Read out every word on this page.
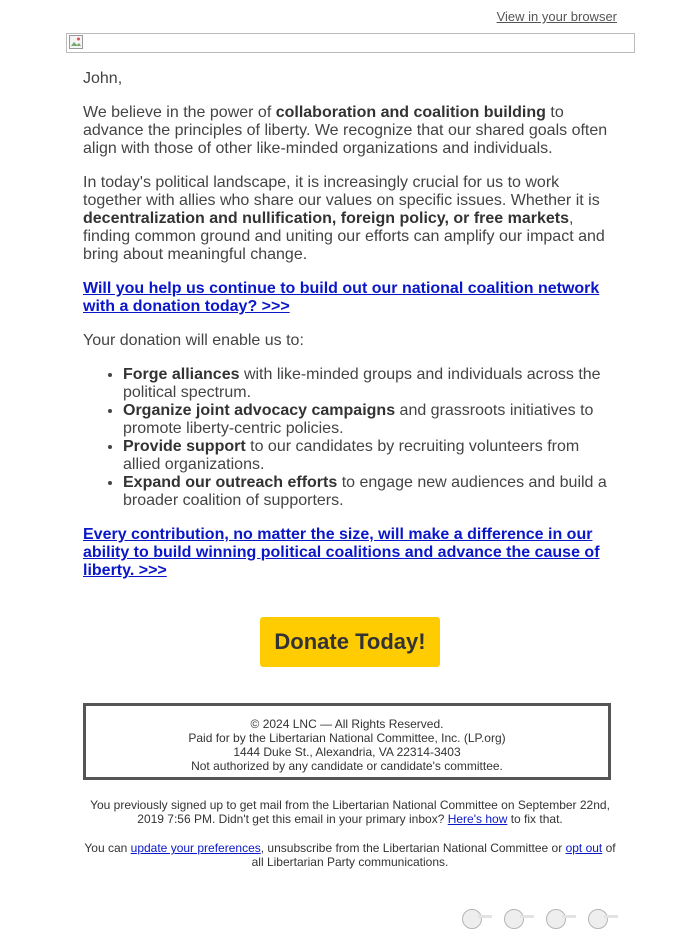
View in your browser

John,

We believe in the power of collaboration and coalition building to advance the principles of liberty. We recognize that our shared goals often align with those of other like-minded organizations and individuals.

In today's political landscape, it is increasingly crucial for us to work together with allies who share our values on specific issues. Whether it is decentralization and nullification, foreign policy, or free markets, finding common ground and uniting our efforts can amplify our impact and bring about meaningful change.

Will you help us continue to build out our national coalition network with a donation today? >>>

Your donation will enable us to:

• Forge alliances with like-minded groups and individuals across the political spectrum.
• Organize joint advocacy campaigns and grassroots initiatives to promote liberty-centric policies.
• Provide support to our candidates by recruiting volunteers from allied organizations.
• Expand our outreach efforts to engage new audiences and build a broader coalition of supporters.

Every contribution, no matter the size, will make a difference in our ability to build winning political coalitions and advance the cause of liberty. >>>

Donate Today!
© 2024 LNC — All Rights Reserved.
Paid for by the Libertarian National Committee, Inc. (LP.org)
1444 Duke St., Alexandria, VA 22314-3403
Not authorized by any candidate or candidate's committee.
You previously signed up to get mail from the Libertarian National Committee on September 22nd, 2019 7:56 PM. Didn't get this email in your primary inbox? Here's how to fix that.
You can update your preferences, unsubscribe from the Libertarian National Committee or opt out of all Libertarian Party communications.
